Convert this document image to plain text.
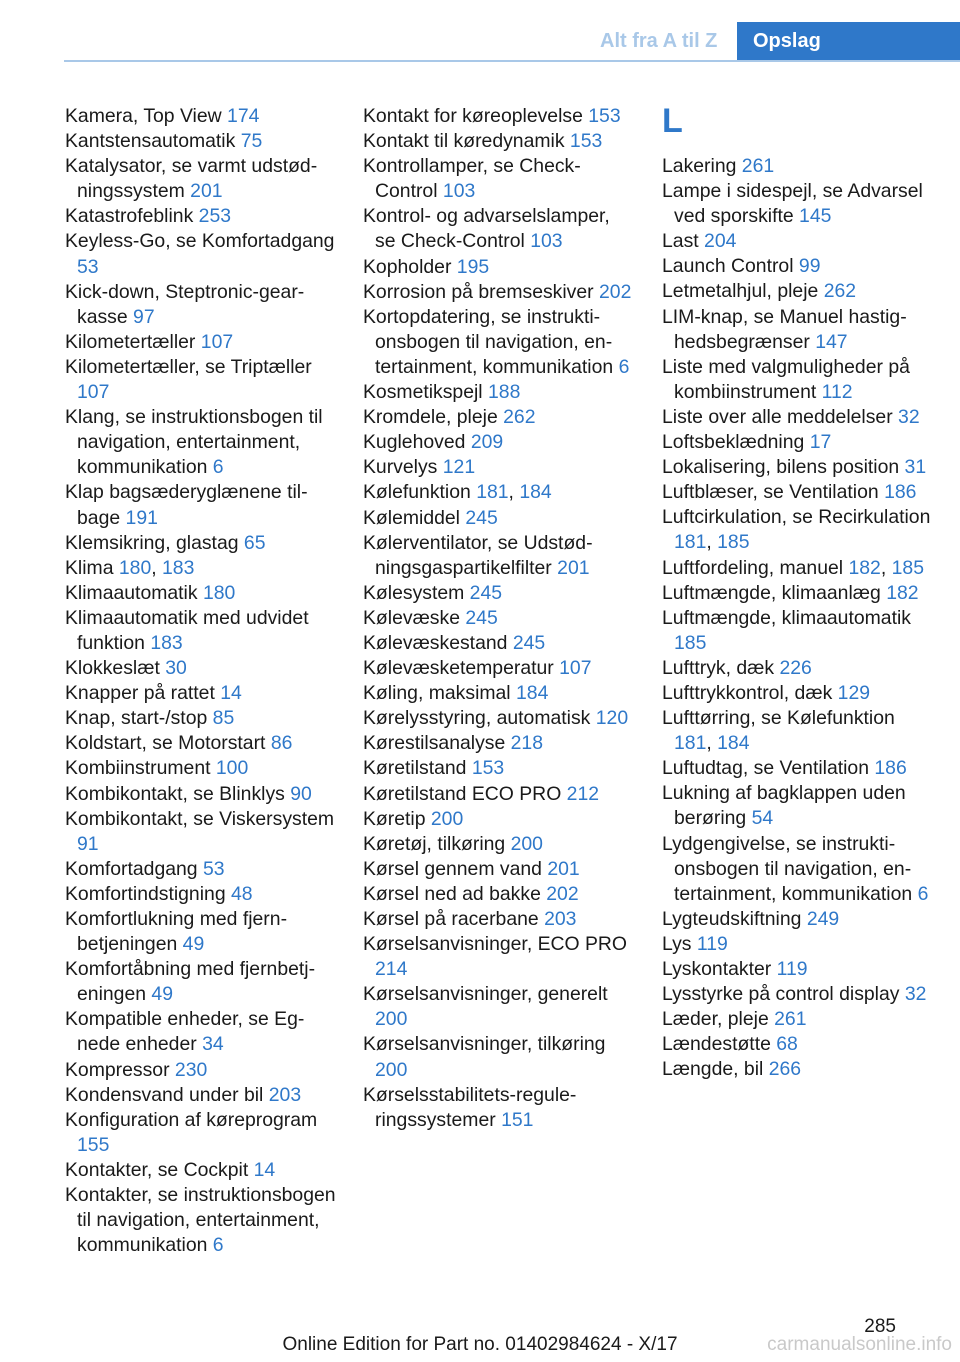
Alt fra A til Z Opslag
Kamera, Top View 174
Kantstensautomatik 75
Katalysator, se varmt udstødningssystem 201
Katastrofeblink 253
Keyless-Go, se Komfortadgang 53
Kick-down, Steptronic-gearkasse 97
Kilometertæller 107
Kilometertæller, se Triptæller 107
Klang, se instruktionsbogen til navigation, entertainment, kommunikation 6
Klap bagsæderyglænene tilbage 191
Klemsikring, glastag 65
Klima 180, 183
Klimaautomatik 180
Klimaautomatik med udvidet funktion 183
Klokkeslæt 30
Knapper på rattet 14
Knap, start-/stop 85
Koldstart, se Motorstart 86
Kombiinstrument 100
Kombikontakt, se Blinklys 90
Kombikontakt, se Viskersystem 91
Komfortadgang 53
Komfortindstigning 48
Komfortlukning med fjernbetjeningen 49
Komfortåbning med fjernbetjeningen 49
Kompatible enheder, se Egnede enheder 34
Kompressor 230
Kondensvand under bil 203
Konfiguration af køreprogram 155
Kontakter, se Cockpit 14
Kontakter, se instruktionsbogen til navigation, entertainment, kommunikation 6
Kontakt for køreoplevelse 153
Kontakt til køredynamik 153
Kontrollamper, se Check-Control 103
Kontrol- og advarselslamper, se Check-Control 103
Kopholder 195
Korrosion på bremseskiver 202
Kortopdatering, se instruktionsbogen til navigation, entertainment, kommunikation 6
Kosmetikspejl 188
Kromdele, pleje 262
Kuglehoved 209
Kurvelys 121
Kølefunktion 181, 184
Kølemiddel 245
Kølerventilator, se Udstødningsgaspartikelfilter 201
Kølesystem 245
Kølevæske 245
Kølevæskestand 245
Kølevæsketemperatur 107
Køling, maksimal 184
Kørelysstyring, automatisk 120
Kørestilsanalyse 218
Køretilstand 153
Køretilstand ECO PRO 212
Køretip 200
Køretøj, tilkøring 200
Kørsel gennem vand 201
Kørsel ned ad bakke 202
Kørsel på racerbane 203
Kørselsanvisninger, ECO PRO 214
Kørselsanvisninger, generelt 200
Kørselsanvisninger, tilkøring 200
Kørselsstabilitets-reguleringssystemer 151
L
Lakering 261
Lampe i sidespejl, se Advarsel ved sporskifte 145
Last 204
Launch Control 99
Letmetalhjul, pleje 262
LIM-knap, se Manuel hastighedsbegrænser 147
Liste med valgmuligheder på kombiinstrument 112
Liste over alle meddelelser 32
Loftsbeklædning 17
Lokalisering, bilens position 31
Luftblæser, se Ventilation 186
Luftcirkulation, se Recirkulation 181, 185
Luftfordeling, manuel 182, 185
Luftmængde, klimaanlæg 182
Luftmængde, klimaautomatik 185
Lufttryk, dæk 226
Lufttrykkontrol, dæk 129
Lufttørring, se Kølefunktion 181, 184
Luftudtag, se Ventilation 186
Lukning af bagklappen uden berøring 54
Lydgengivelse, se instruktionsbogen til navigation, entertainment, kommunikation 6
Lygteudskiftning 249
Lys 119
Lyskontakter 119
Lysstyrke på control display 32
Læder, pleje 261
Lændestøtte 68
Længde, bil 266
285
Online Edition for Part no. 01402984624 - X/17	carmanualsonline.info
